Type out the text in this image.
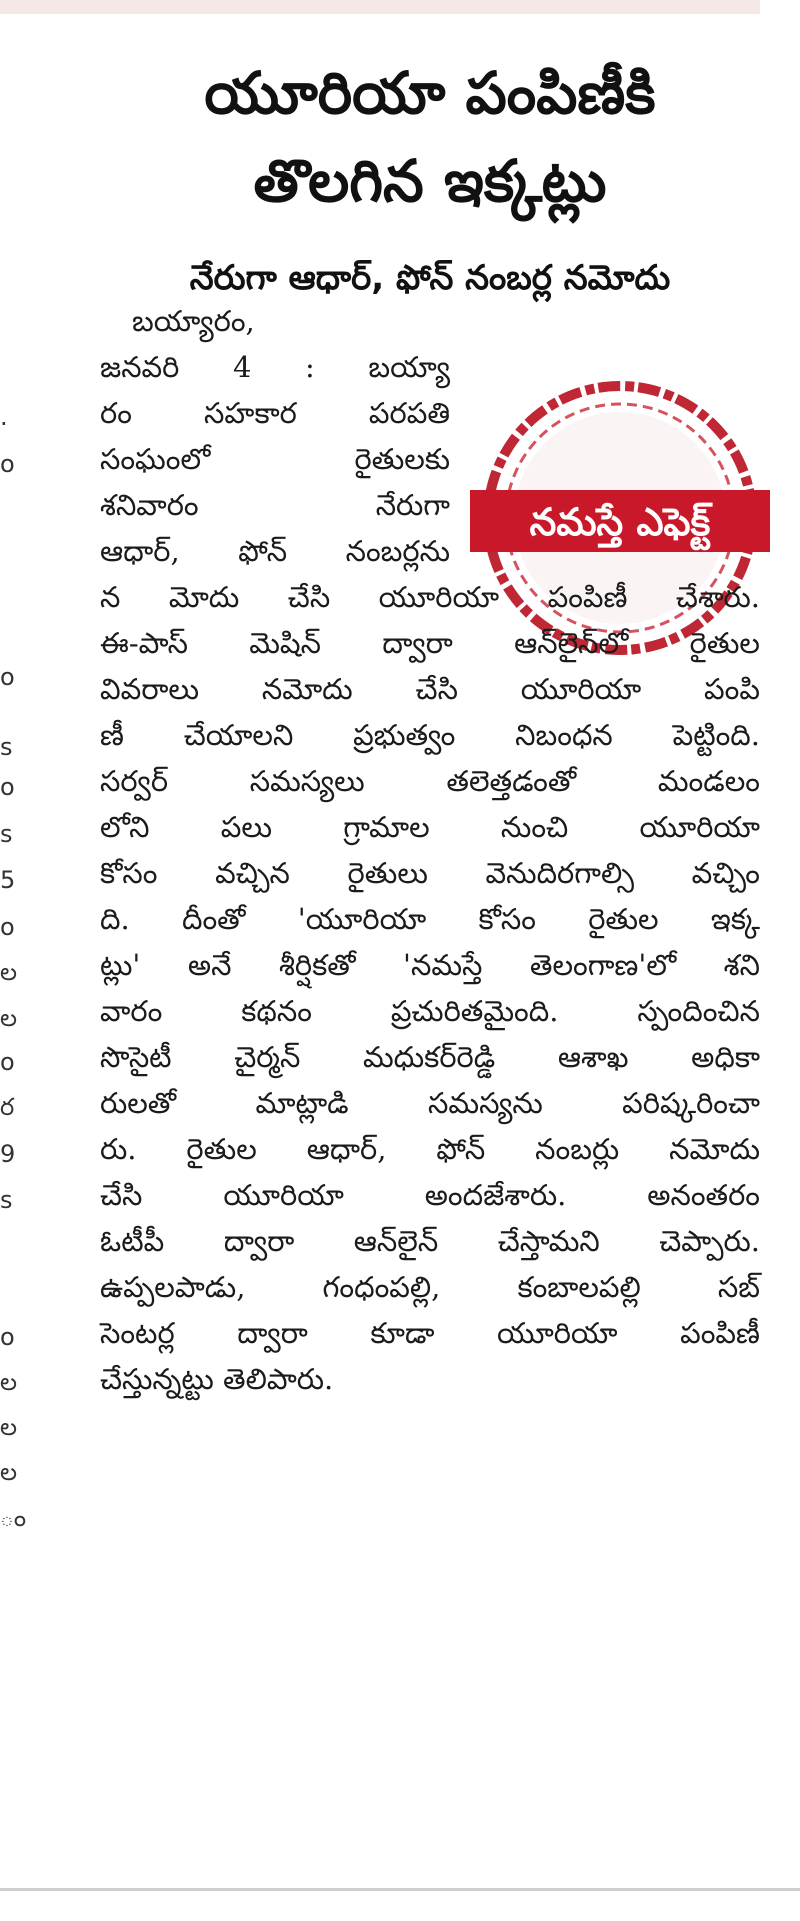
.
o
o
s
o
s
5
o
ల
ల
o
ర
9
s
o
ల
ల
ల
ం
యూరియా పంపిణీకి
తొలగిన ఇక్కట్లు
నేరుగా ఆధార్, ఫోన్ నంబర్ల నమోదు
నమస్తే ఎఫెక్ట్
బయ్యారం,
జనవరి 4 : బయ్యా
రం సహకార పరపతి
సంఘంలో రైతులకు
శనివారం   నేరుగా
ఆధార్, ఫోన్ నంబర్లను
న మోదు చేసి యూరియా పంపిణీ చేశారు.
ఈ-పాస్ మెషిన్ ద్వారా ఆన్‌లైన్‌లో రైతుల
వివరాలు నమోదు చేసి యూరియా పంపి
ణీ చేయాలని ప్రభుత్వం నిబంధన పెట్టింది.
సర్వర్ సమస్యలు తలెత్తడంతో మండలం
లోని పలు గ్రామాల నుంచి యూరియా
కోసం వచ్చిన రైతులు వెనుదిరగాల్సి వచ్చిం
ది. దీంతో 'యూరియా కోసం రైతుల ఇక్క
ట్లు' అనే శీర్షికతో 'నమస్తే తెలంగాణ'లో శని
వారం కథనం ప్రచురితమైంది. స్పందించిన
సొసైటీ చైర్మన్ మధుకర్‌రెడ్డి ఆశాఖ అధికా
రులతో మాట్లాడి సమస్యను పరిష్కరించా
రు. రైతుల ఆధార్, ఫోన్ నంబర్లు నమోదు
చేసి యూరియా అందజేశారు. అనంతరం
ఓటీపీ ద్వారా ఆన్‌లైన్ చేస్తామని చెప్పారు.
ఉప్పలపాడు, గంధంపల్లి, కంబాలపల్లి సబ్
సెంటర్ల ద్వారా కూడా యూరియా పంపిణీ
చేస్తున్నట్టు తెలిపారు.
